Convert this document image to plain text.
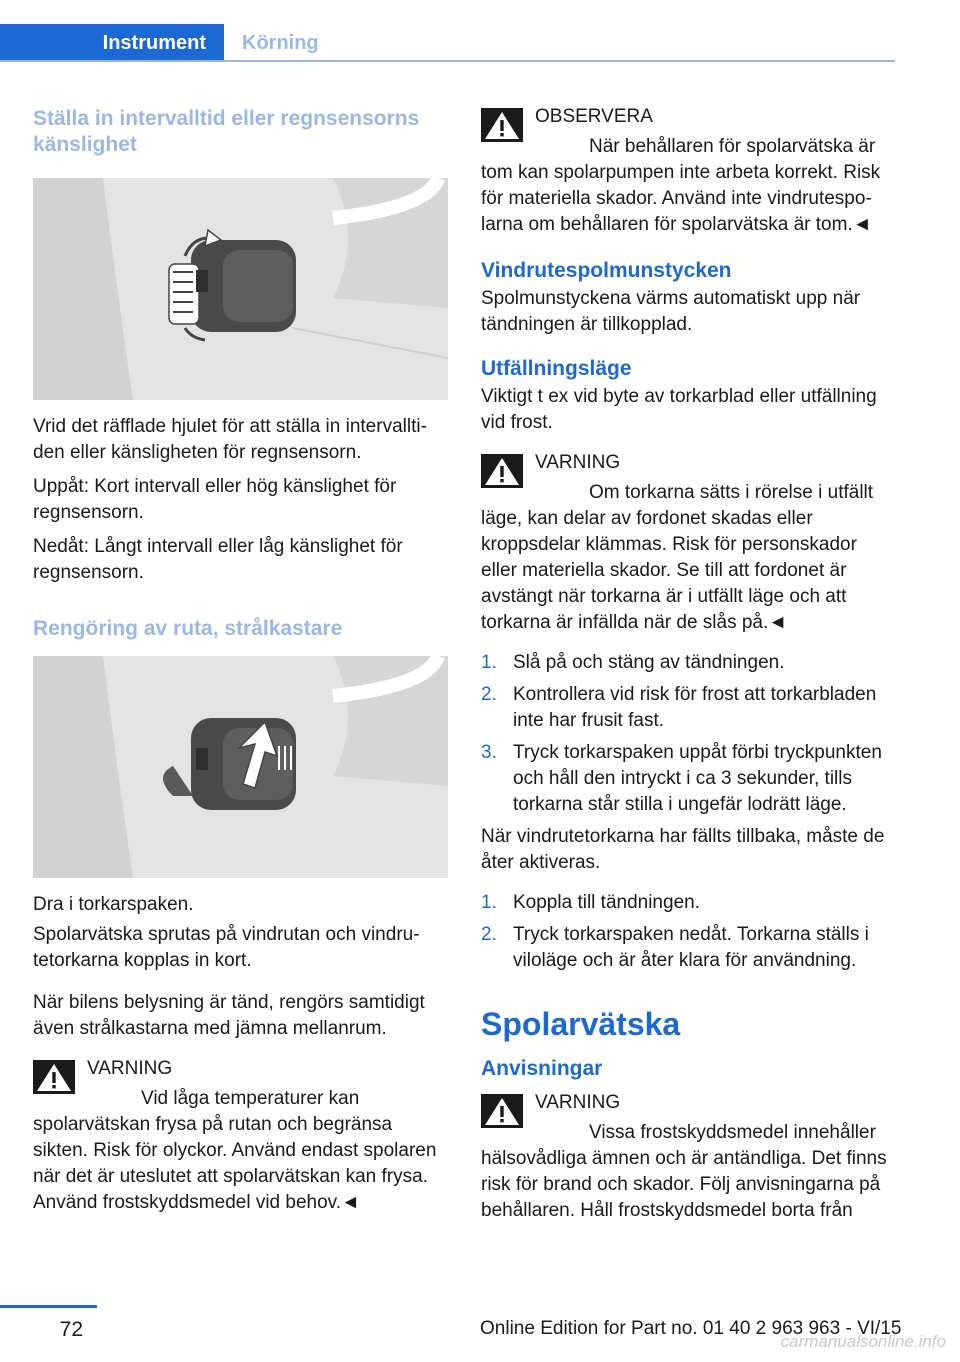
Instrument	Körning
Ställa in intervalltid eller regnsensorns känslighet
Vrid det räfflade hjulet för att ställa in intervalltiden eller känsligheten för regnsensorn.
Uppåt: Kort intervall eller hög känslighet för regnsensorn.
Nedåt: Långt intervall eller låg känslighet för regnsensorn.
Rengöring av ruta, strålkastare
Dra i torkarspaken.
Spolarvätska sprutas på vindrutan och vindrutetorkarna kopplas in kort.
När bilens belysning är tänd, rengörs samtidigt även strålkastarna med jämna mellanrum.
VARNING
Vid låga temperaturer kan spolarvätskan frysa på rutan och begränsa sikten. Risk för olyckor. Använd endast spolaren när det är uteslutet att spolarvätskan kan frysa. Använd frostskyddsmedel vid behov.◄
OBSERVERA
När behållaren för spolarvätska är tom kan spolarpumpen inte arbeta korrekt. Risk för materiella skador. Använd inte vindrutespolarna om behållaren för spolarvätska är tom.◄
Vindrutespolmunstycken
Spolmunstyckena värms automatiskt upp när tändningen är tillkopplad.
Utfällningsläge
Viktigt t ex vid byte av torkarblad eller utfällning vid frost.
VARNING
Om torkarna sätts i rörelse i utfällt läge, kan delar av fordonet skadas eller kroppsdelar klämmas. Risk för personskador eller materiella skador. Se till att fordonet är avstängt när torkarna är i utfällt läge och att torkarna är infällda när de slås på.◄
1. Slå på och stäng av tändningen.
2. Kontrollera vid risk för frost att torkarbladen inte har frusit fast.
3. Tryck torkarspaken uppåt förbi tryckpunkten och håll den intryckt i ca 3 sekunder, tills torkarna står stilla i ungefär lodrätt läge.
När vindrutetorkarna har fällts tillbaka, måste de åter aktiveras.
1. Koppla till tändningen.
2. Tryck torkarspaken nedåt. Torkarna ställs i viloläge och är åter klara för användning.
Spolarvätska
Anvisningar
VARNING
Vissa frostskyddsmedel innehåller hälsovådliga ämnen och är antändliga. Det finns risk för brand och skador. Följ anvisningarna på behållaren. Håll frostskyddsmedel borta från
72	Online Edition for Part no. 01 40 2 963 963 - VI/15
carmanualsonline.info
